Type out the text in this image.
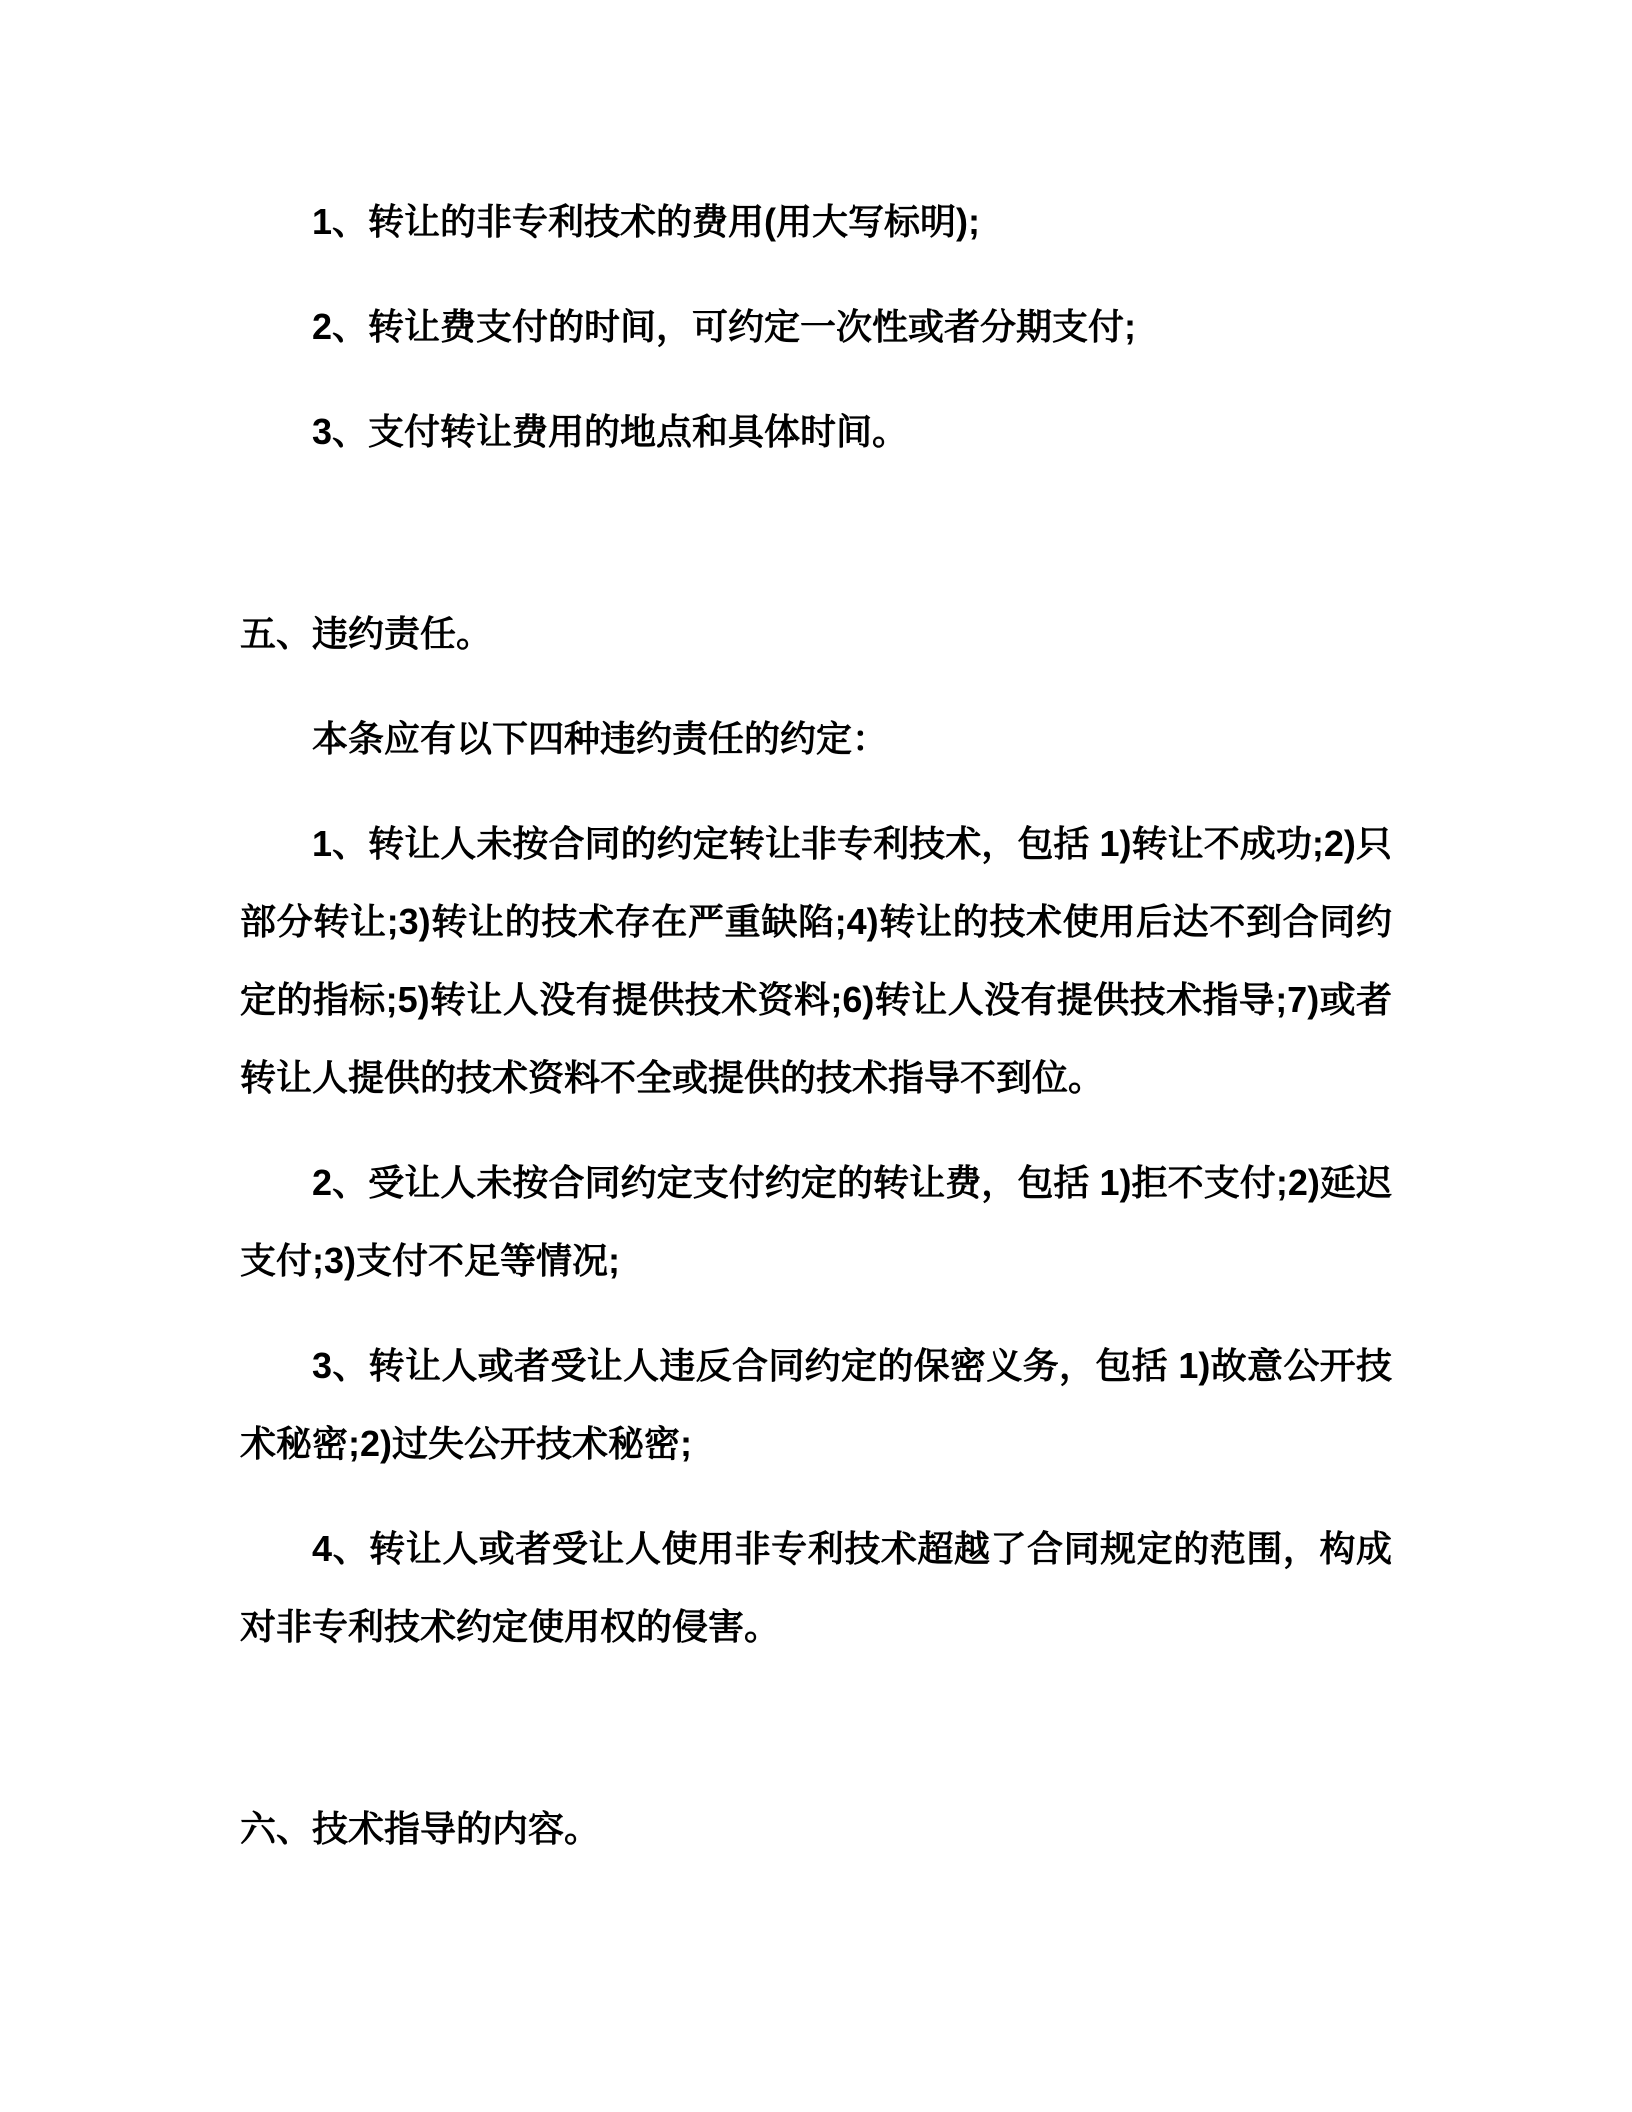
1、转让的非专利技术的费用(用大写标明);

2、转让费支付的时间，可约定一次性或者分期支付;

3、支付转让费用的地点和具体时间。

五、违约责任。

本条应有以下四种违约责任的约定：

1、转让人未按合同的约定转让非专利技术，包括 1)转让不成功;2)只部分转让;3)转让的技术存在严重缺陷;4)转让的技术使用后达不到合同约定的指标;5)转让人没有提供技术资料;6)转让人没有提供技术指导;7)或者转让人提供的技术资料不全或提供的技术指导不到位。

2、受让人未按合同约定支付约定的转让费，包括 1)拒不支付;2)延迟支付;3)支付不足等情况;

3、转让人或者受让人违反合同约定的保密义务，包括 1)故意公开技术秘密;2)过失公开技术秘密;

4、转让人或者受让人使用非专利技术超越了合同规定的范围，构成对非专利技术约定使用权的侵害。

六、技术指导的内容。
